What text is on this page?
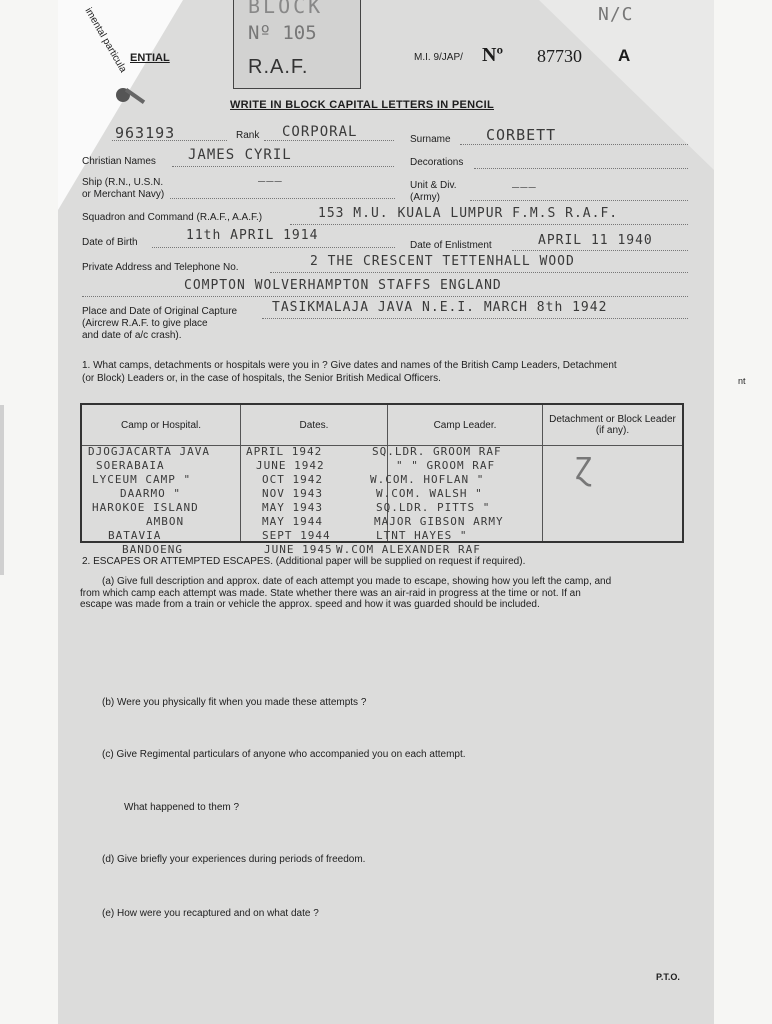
imental particula ENTIAL
BLOCK
Nº 105
R.A.F.	M.I. 9/JAP/ Nº 87730 A
N/C
WRITE IN BLOCK CAPITAL LETTERS IN PENCIL
963193	Rank CORPORAL	Surname CORBETT
Christian Names JAMES CYRIL	Decorations
Ship (R.N., U.S.N.
or Merchant Navy)
———	Unit & Div.
(Army)
———
Squadron and Command (R.A.F., A.A.F.)	153 M.U. KUALA LUMPUR F.M.S R.A.F.
Date of Birth	11th APRIL 1914
Date of Enlistment	APRIL 11 1940
Private Address and Telephone No.	2 THE CRESCENT TETTENHALL WOOD
COMPTON WOLVERHAMPTON STAFFS ENGLAND
Place and Date of Original Capture
(Aircrew R.A.F. to give place
and date of a/c crash).
TASIKMALAJA JAVA N.E.I. MARCH 8th 1942
1. What camps, detachments or hospitals were you in ? Give dates and names of the British Camp Leaders, Detachment
(or Block) Leaders or, in the case of hospitals, the Senior British Medical Officers.	nt
Camp or Hospital.	Dates.	Camp Leader.	Detachment or Block Leader (if any).

DJOGJACARTA JAVA	APRIL 1942	SQ.LDR. GROOM RAF
SOERABAIA	JUNE 1942	" " GROOM RAF
LYCEUM CAMP "	OCT 1942	W.COM. HOFLAN "
DAARMO "	NOV 1943	W.COM. WALSH "
HAROKOE ISLAND	MAY 1943	SQ.LDR. PITTS "
AMBON	MAY 1944	MAJOR GIBSON ARMY
BATAVIA	SEPT 1944	LTNT HAYES "
BANDOENG	JUNE 1945 W.COM ALEXANDER RAF
Ɀ
2. ESCAPES OR ATTEMPTED ESCAPES. (Additional paper will be supplied on request if required).
(a) Give full description and approx. date of each attempt you made to escape, showing how you left the camp, and
from which camp each attempt was made. State whether there was an air-raid in progress at the time or not. If an
escape was made from a train or vehicle the approx. speed and how it was guarded should be included.
(b) Were you physically fit when you made these attempts ?
(c) Give Regimental particulars of anyone who accompanied you on each attempt.
What happened to them ?
(d) Give briefly your experiences during periods of freedom.
(e) How were you recaptured and on what date ?
P.T.O.
